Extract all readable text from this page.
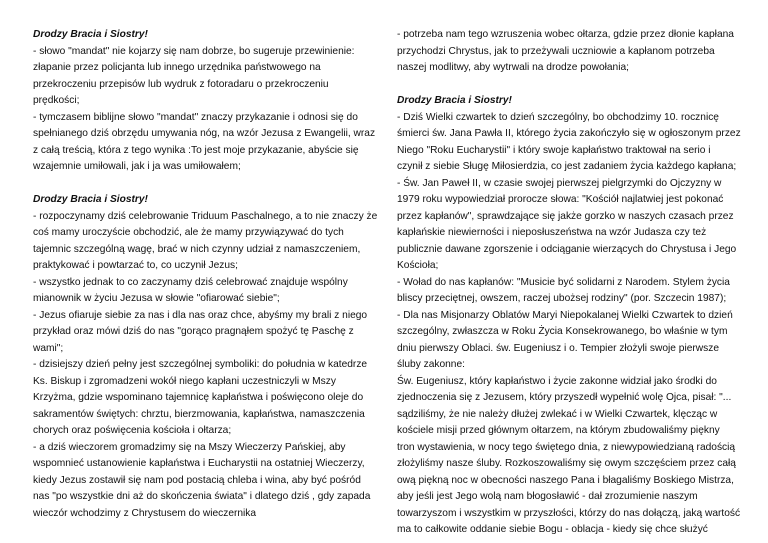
Drodzy Bracia i Siostry!
- słowo "mandat" nie kojarzy się nam dobrze, bo sugeruje przewinienie:
złapanie przez policjanta lub innego urzędnika państwowego na
przekroczeniu przepisów lub wydruk z fotoradaru o przekroczeniu
prędkości;
- tymczasem biblijne słowo "mandat" znaczy przykazanie i odnosi się do
spełnianego dziś obrzędu umywania nóg, na wzór Jezusa z Ewangelii, wraz
z całą treścią, która z tego wynika :To jest moje przykazanie, abyście się
wzajemnie umiłowali, jak i ja was umiłowałem;
Drodzy Bracia i Siostry!
- rozpoczynamy dziś celebrowanie Triduum Paschalnego, a to nie znaczy że
coś mamy uroczyście obchodzić, ale że mamy przywiązywać do tych
tajemnic szczególną wagę, brać w nich czynny udział z namaszczeniem,
praktykować i powtarzać to, co uczynił Jezus;
- wszystko jednak to co zaczynamy dziś celebrować znajduje wspólny
mianownik w życiu Jezusa w słowie "ofiarować siebie";
- Jezus ofiaruje siebie za nas i dla nas oraz chce, abyśmy my brali z niego
przykład oraz mówi dziś do nas "gorąco pragnąłem spożyć tę Paschę z
wami";
- dzisiejszy dzień pełny jest szczególnej symboliki: do południa w katedrze
Ks. Biskup i zgromadzeni wokół niego kapłani uczestniczyli w Mszy
Krzyżma, gdzie wspominano tajemnicę kapłaństwa i poświęcono oleje do
sakramentów świętych: chrztu, bierzmowania, kapłaństwa, namaszczenia
chorych oraz poświęcenia kościoła i ołtarza;
- a dziś wieczorem gromadzimy się na Mszy Wieczerzy Pańskiej, aby
wspomnieć ustanowienie kapłaństwa i Eucharystii na ostatniej Wieczerzy,
kiedy Jezus zostawił się nam pod postacią chleba i wina, aby być pośród
nas "po wszystkie dni aż do skończenia świata" i dlatego dziś , gdy zapada
wieczór wchodzimy z Chrystusem do wieczernika
- potrzeba nam tego wzruszenia wobec ołtarza, gdzie przez dłonie kapłana
przychodzi Chrystus, jak to przeżywali uczniowie a kapłanom potrzeba
naszej modlitwy, aby wytrwali na drodze powołania;
Drodzy Bracia i Siostry!
- Dziś Wielki czwartek to dzień szczególny, bo obchodzimy 10. rocznicę
śmierci św. Jana Pawła II, którego życia zakończyło się w ogłoszonym przez
Niego "Roku Eucharystii" i który swoje kapłaństwo traktował na serio i
czynił z siebie Sługę Miłosierdzia, co jest zadaniem życia każdego kapłana;
- Św. Jan Paweł II, w czasie swojej pierwszej pielgrzymki do Ojczyzny w
1979 roku wypowiedział prorocze słowa: "Kościół najlatwiej jest pokonać
przez kapłanów", sprawdzające się jakże gorzko w naszych czasach przez
kapłańskie niewierności i nieposłuszeństwa na wzór Judasza czy też
publicznie dawane zgorszenie i odciąganie wierzących do Chrystusa i Jego
Kościoła;
- Woład do nas kapłanów: "Musicie być solidarni z Narodem. Stylem życia
bliscy przeciętnej, owszem, raczej ubożsej rodziny" (por. Szczecin 1987);
- Dla nas Misjonarzy Oblatów Maryi Niepokalanej Wielki Czwartek to dzień
szczególny, zwłaszcza w Roku Życia Konsekrowanego, bo właśnie w tym
dniu pierwszy Oblaci. św. Eugeniusz i o. Tempier złożyli swoje pierwsze
śluby zakonne:
Św. Eugeniusz, który kapłaństwo i życie zakonne widział jako środki do
zjednoczenia się z Jezusem, który przyszedł wypełnić wolę Ojca, pisał: "...
sądziliśmy, że nie należy dłużej zwlekać i w Wielki Czwartek, klęcząc w
kościele misji przed głównym ołtarzem, na którym zbudowaliśmy piękny
tron wystawienia, w nocy tego świętego dnia, z niewypowiedzianą radością
złożyliśmy nasze śluby. Rozkoszowaliśmy się owym szczęściem przez całą
ową piękną noc w obecności naszego Pana i błagaliśmy Boskiego Mistrza,
aby jeśli jest Jego wolą nam błogosławić - dał zrozumienie naszym
towarzyszom i wszystkim w przyszłości, którzy do nas dołączą, jaką wartość
ma to całkowite oddanie siebie Bogu - oblacja - kiedy się chce służyć
